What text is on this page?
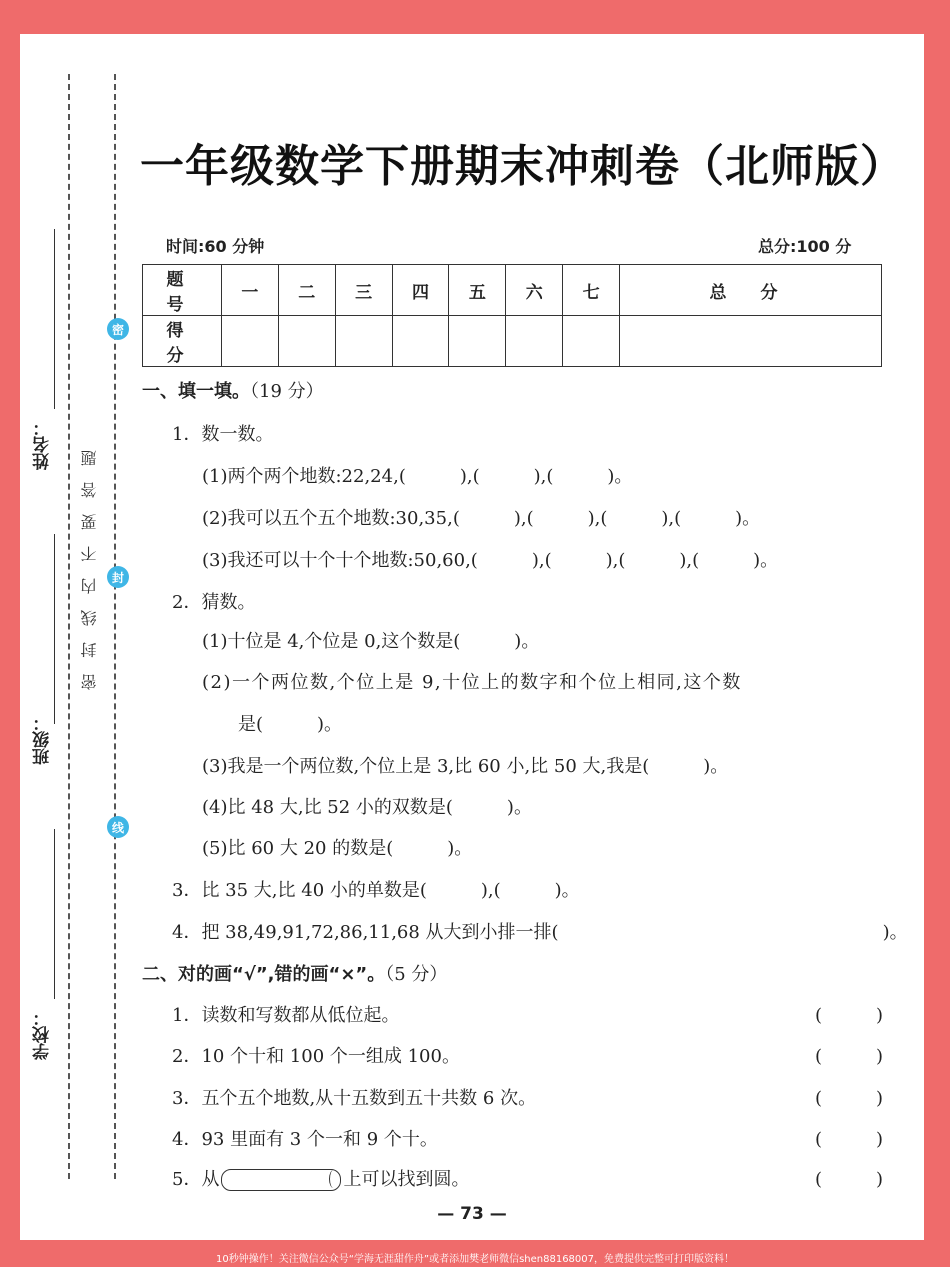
姓名：
班级：
学校：
密封线内不要答题
密
封
线
一年级数学下册期末冲刺卷（北师版）
时间:60 分钟	总分:100 分
题 号	一	二	三	四	五	六	七	总 分
得 分								
一、填一填。（19 分）
1．数一数。
(1)两个两个地数:22,24,(　　　),(　　　),(　　　)。
(2)我可以五个五个地数:30,35,(　　　),(　　　),(　　　),(　　　)。
(3)我还可以十个十个地数:50,60,(　　　),(　　　),(　　　),(　　　)。
2．猜数。
(1)十位是 4,个位是 0,这个数是(　　　)。
(2)一个两位数,个位上是 9,十位上的数字和个位上相同,这个数
是(　　　)。
(3)我是一个两位数,个位上是 3,比 60 小,比 50 大,我是(　　　)。
(4)比 48 大,比 52 小的双数是(　　　)。
(5)比 60 大 20 的数是(　　　)。
3．比 35 大,比 40 小的单数是(　　　),(　　　)。
4．把 38,49,91,72,86,11,68 从大到小排一排(　　　　　　　　　　　　　　　　　　)。
二、对的画“√”,错的画“×”。（5 分）
1．读数和写数都从低位起。	(　　　)
2．10 个十和 100 个一组成 100。	(　　　)
3．五个五个地数,从十五数到五十共数 6 次。	(　　　)
4．93 里面有 3 个一和 9 个十。	(　　　)
5．从	上可以找到圆。	(　　　)
— 73 —
10秒钟操作！关注微信公众号“学海无涯甜作舟”或者添加樊老师微信shen88168007，免费提供完整可打印版资料！
